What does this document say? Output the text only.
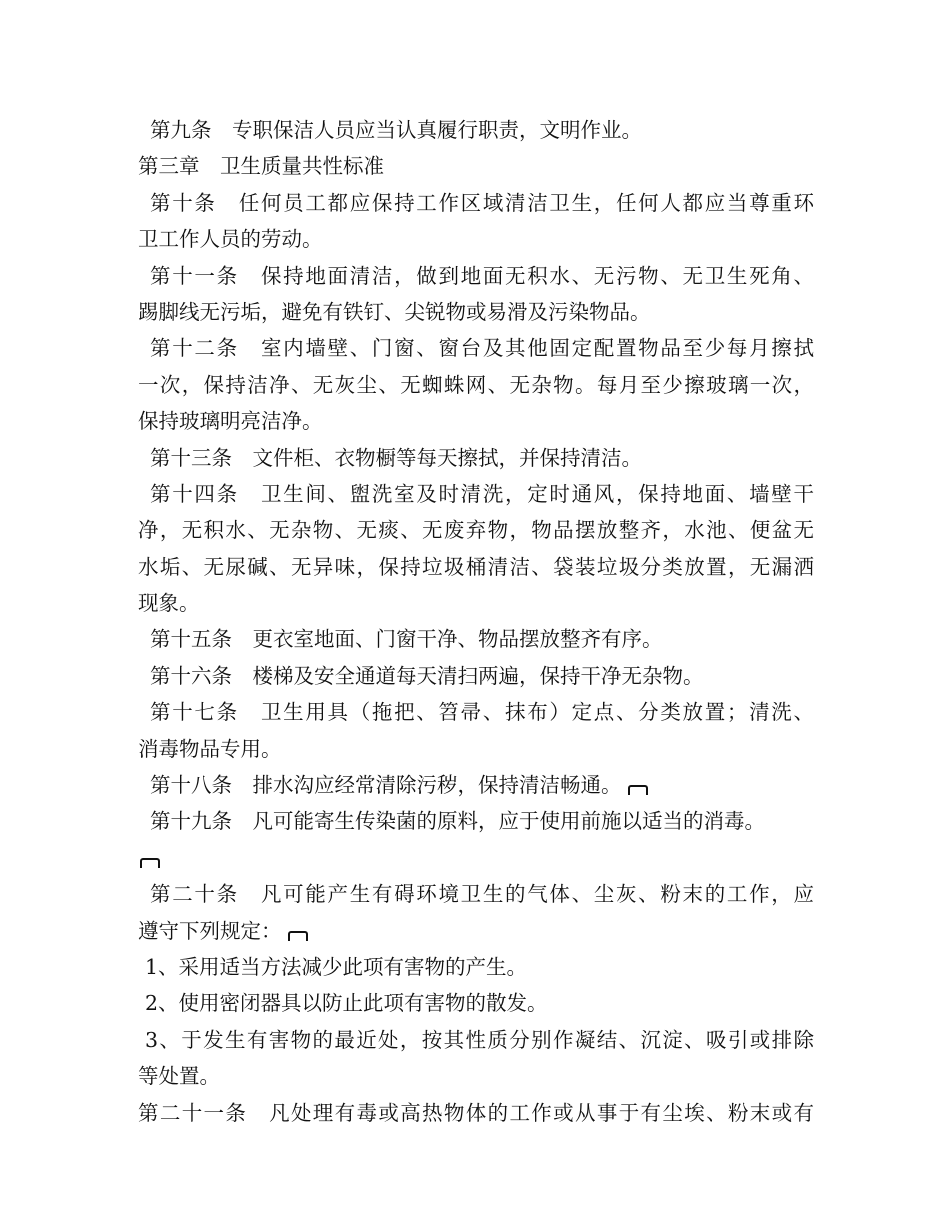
第九条　专职保洁人员应当认真履行职责，文明作业。
第三章　卫生质量共性标准
第十条　任何员工都应保持工作区域清洁卫生，任何人都应当尊重环
卫工作人员的劳动。
第十一条　保持地面清洁，做到地面无积水、无污物、无卫生死角、
踢脚线无污垢，避免有铁钉、尖锐物或易滑及污染物品。
第十二条　室内墙壁、门窗、窗台及其他固定配置物品至少每月擦拭
一次，保持洁净、无灰尘、无蜘蛛网、无杂物。每月至少擦玻璃一次，
保持玻璃明亮洁净。
第十三条　文件柜、衣物橱等每天擦拭，并保持清洁。
第十四条　卫生间、盥洗室及时清洗，定时通风，保持地面、墙壁干
净，无积水、无杂物、无痰、无废弃物，物品摆放整齐，水池、便盆无
水垢、无尿碱、无异味，保持垃圾桶清洁、袋装垃圾分类放置，无漏洒
现象。
第十五条　更衣室地面、门窗干净、物品摆放整齐有序。
第十六条　楼梯及安全通道每天清扫两遍，保持干净无杂物。
第十七条　卫生用具（拖把、笤帚、抹布）定点、分类放置；清洗、
消毒物品专用。
第十八条　排水沟应经常清除污秽，保持清洁畅通。
第十九条　凡可能寄生传染菌的原料，应于使用前施以适当的消毒。
第二十条　凡可能产生有碍环境卫生的气体、尘灰、粉末的工作，应
遵守下列规定：
1、采用适当方法减少此项有害物的产生。
2、使用密闭器具以防止此项有害物的散发。
3、于发生有害物的最近处，按其性质分别作凝结、沉淀、吸引或排除
等处置。
第二十一条　凡处理有毒或高热物体的工作或从事于有尘埃、粉末或有
